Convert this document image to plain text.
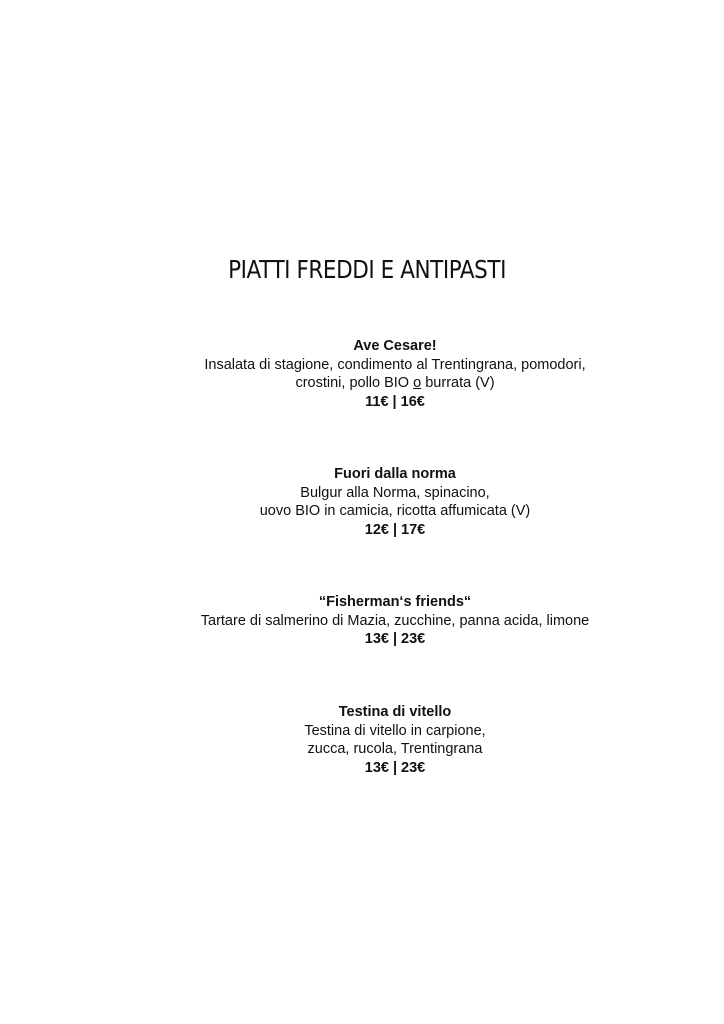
PIATTI FREDDI E ANTIPASTI
Ave Cesare!
Insalata di stagione, condimento al Trentingrana, pomodori,
crostini, pollo BIO o burrata (V)
11€ | 16€
Fuori dalla norma
Bulgur alla Norma, spinacino,
uovo BIO in camicia, ricotta affumicata (V)
12€ | 17€
“Fisherman‘s friends“
Tartare di salmerino di Mazia, zucchine, panna acida, limone
13€ | 23€
Testina di vitello
Testina di vitello in carpione,
zucca, rucola, Trentingrana
13€ | 23€
